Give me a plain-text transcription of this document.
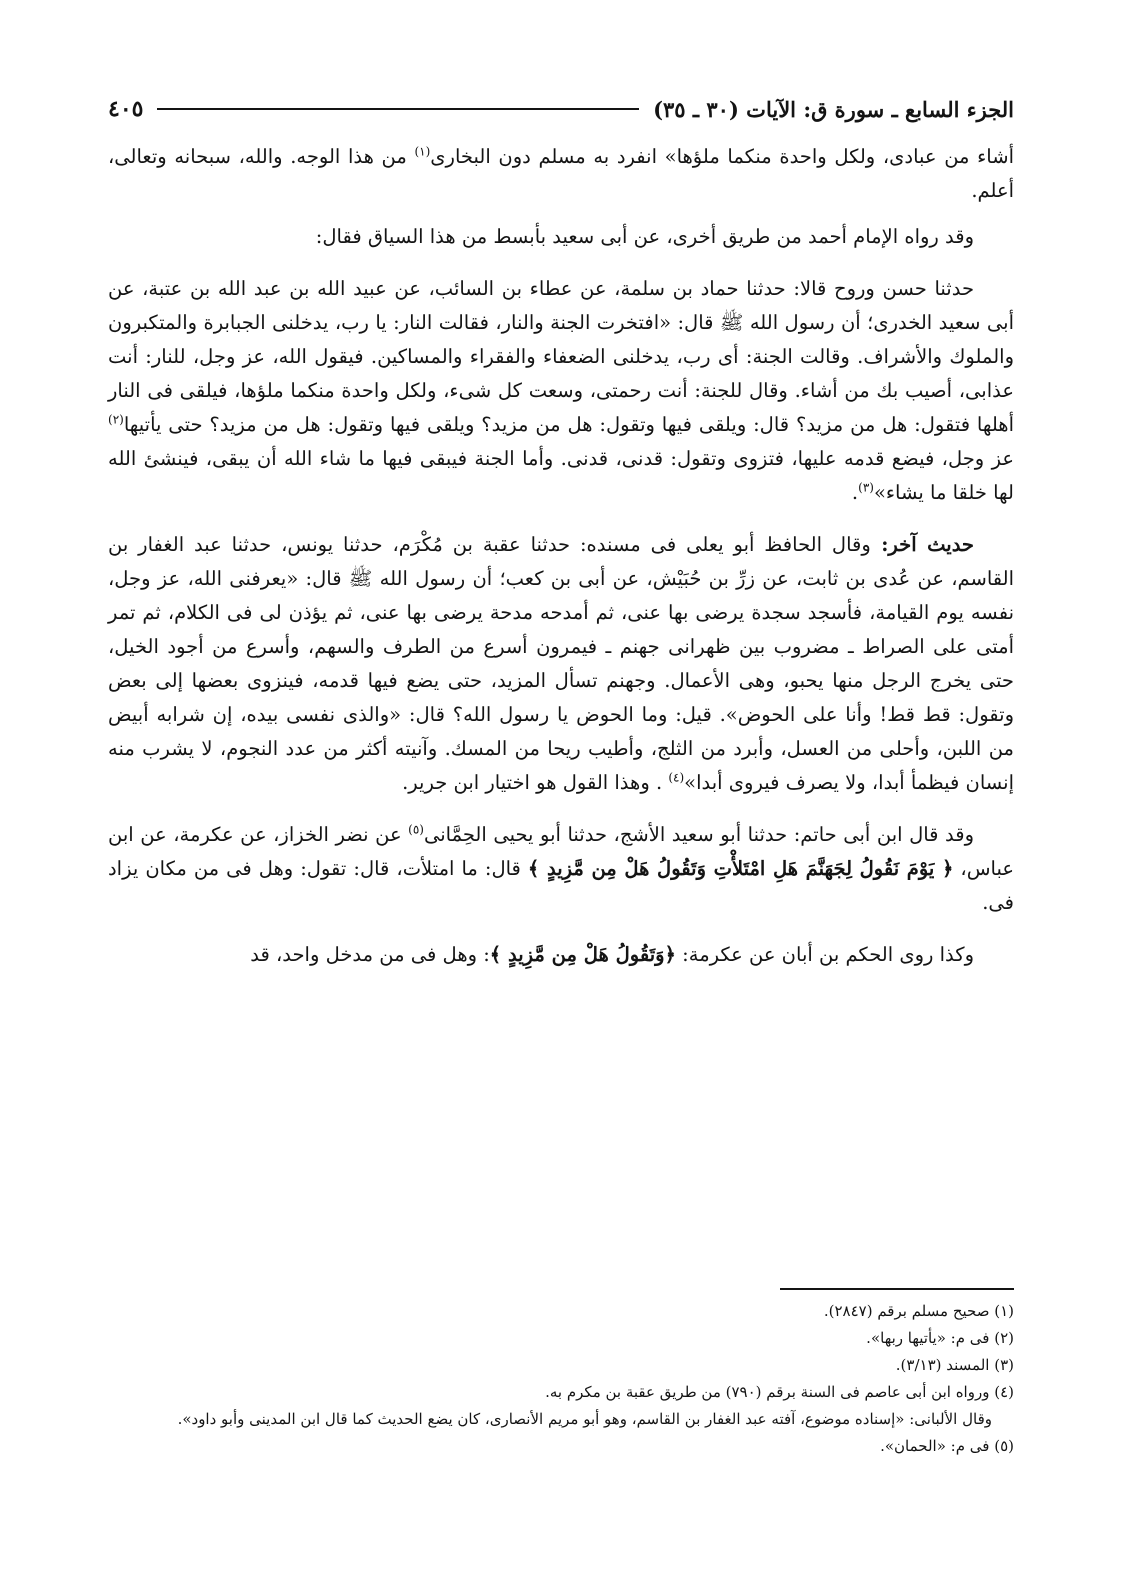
الجزء السابع ـ سورة ق: الآيات (٣٠ ـ ٣٥)
٤٠٥

أشاء من عبادى، ولكل واحدة منكما ملؤها» انفرد به مسلم دون البخارى$^{(١)}$ من هذا الوجه. والله، سبحانه وتعالى، أعلم.

وقد رواه الإمام أحمد من طريق أخرى، عن أبى سعيد بأبسط من هذا السياق فقال:

حدثنا حسن وروح قالا: حدثنا حماد بن سلمة، عن عطاء بن السائب، عن عبيد الله بن عبد الله بن عتبة، عن أبى سعيد الخدرى؛ أن رسول الله ﷺ قال: «افتخرت الجنة والنار، فقالت النار: يا رب، يدخلنى الجبابرة والمتكبرون والملوك والأشراف. وقالت الجنة: أى رب، يدخلنى الضعفاء والفقراء والمساكين. فيقول الله، عز وجل، للنار: أنت عذابى، أصيب بك من أشاء. وقال للجنة: أنت رحمتى، وسعت كل شىء، ولكل واحدة منكما ملؤها، فيلقى فى النار أهلها فتقول: هل من مزيد؟ قال: ويلقى فيها وتقول: هل من مزيد؟ ويلقى فيها وتقول: هل من مزيد؟ حتى يأتيها$^{(٢)}$ عز وجل، فيضع قدمه عليها، فتزوى وتقول: قدنى، قدنى. وأما الجنة فيبقى فيها ما شاء الله أن يبقى، فينشئ الله لها خلقا ما يشاء»$^{(٣)}$.

حديث آخر: وقال الحافظ أبو يعلى فى مسنده: حدثنا عقبة بن مُكْرَم، حدثنا يونس، حدثنا عبد الغفار بن القاسم، عن عُدى بن ثابت، عن زرِّ بن حُبَيْش، عن أبى بن كعب؛ أن رسول الله ﷺ قال: «يعرفنى الله، عز وجل، نفسه يوم القيامة، فأسجد سجدة يرضى بها عنى، ثم أمدحه مدحة يرضى بها عنى، ثم يؤذن لى فى الكلام، ثم تمر أمتى على الصراط ـ مضروب بين ظهرانى جهنم ـ فيمرون أسرع من الطرف والسهم، وأسرع من أجود الخيل، حتى يخرج الرجل منها يحبو، وهى الأعمال. وجهنم تسأل المزيد، حتى يضع فيها قدمه، فينزوى بعضها إلى بعض وتقول: قط قط! وأنا على الحوض». قيل: وما الحوض يا رسول الله؟ قال: «والذى نفسى بيده، إن شرابه أبيض من اللبن، وأحلى من العسل، وأبرد من الثلج، وأطيب ريحا من المسك. وآنيته أكثر من عدد النجوم، لا يشرب منه إنسان فيظمأ أبدا، ولا يصرف فيروى أبدا»$^{(٤)}$ . وهذا القول هو اختيار ابن جرير.

وقد قال ابن أبى حاتم: حدثنا أبو سعيد الأشج، حدثنا أبو يحيى الحِمَّانى$^{(٥)}$ عن نضر الخزاز، عن عكرمة، عن ابن عباس، ﴿ يَوْمَ نَقُولُ لِجَهَنَّمَ هَلِ امْتَلأْتِ وَتَقُولُ هَلْ مِن مَّزِيدٍ ﴾ قال: ما امتلأت، قال: تقول: وهل فى من مكان يزاد فى.

وكذا روى الحكم بن أبان عن عكرمة: ﴿وَتَقُولُ هَلْ مِن مَّزِيدٍ ﴾: وهل فى من مدخل واحد، قد

(١) صحيح مسلم برقم (٢٨٤٧).

(٢) فى م: «يأتيها ربها».

(٣) المسند (٣/١٣).

(٤) ورواه ابن أبى عاصم فى السنة برقم (٧٩٠) من طريق عقبة بن مكرم به.

وقال الألبانى: «إسناده موضوع، آفته عبد الغفار بن القاسم، وهو أبو مريم الأنصارى، كان يضع الحديث كما قال ابن المدينى وأبو داود».

(٥) فى م: «الحمان».
